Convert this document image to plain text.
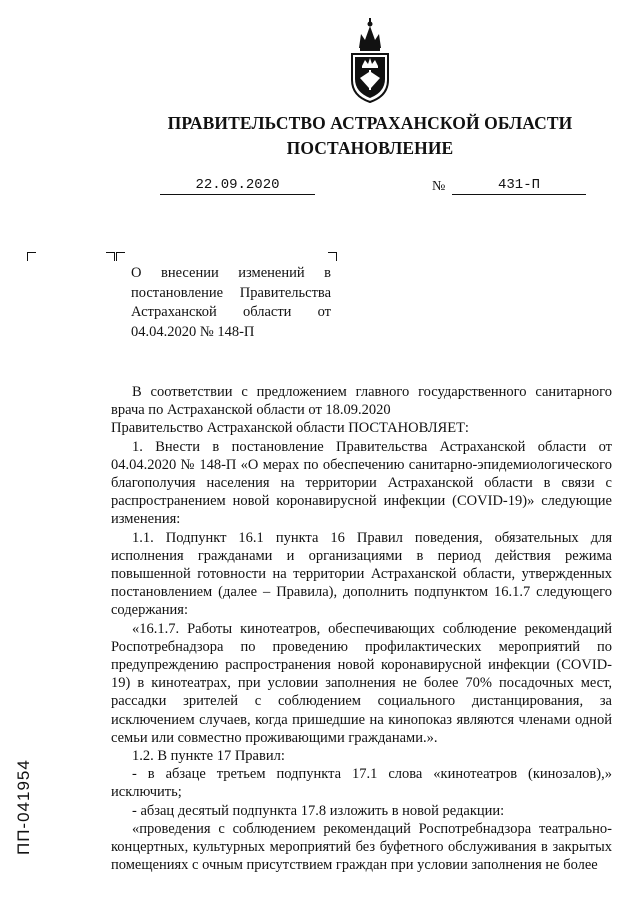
ПРАВИТЕЛЬСТВО АСТРАХАНСКОЙ ОБЛАСТИ
ПОСТАНОВЛЕНИЕ
22.09.2020	№	431-П
О внесении изменений в
постановление Правительства
Астраханской области от
04.04.2020 № 148-П

В соответствии с предложением главного государственного санитарного врача по Астраханской области от 18.09.2020

Правительство Астраханской области ПОСТАНОВЛЯЕТ:

1. Внести в постановление Правительства Астраханской области от 04.04.2020 № 148-П «О мерах по обеспечению санитарно-эпидемиологического благополучия населения на территории Астраханской области в связи с распространением новой коронавирусной инфекции (COVID-19)» следующие изменения:

1.1. Подпункт 16.1 пункта 16 Правил поведения, обязательных для исполнения гражданами и организациями в период действия режима повышенной готовности на территории Астраханской области, утвержденных постановлением (далее – Правила), дополнить подпунктом 16.1.7 следующего содержания:

«16.1.7. Работы кинотеатров, обеспечивающих соблюдение рекомендаций Роспотребнадзора по проведению профилактических мероприятий по предупреждению распространения новой коронавирусной инфекции (COVID-19) в кинотеатрах, при условии заполнения не более 70% посадочных мест, рассадки зрителей с соблюдением социального дистанцирования, за исключением случаев, когда пришедшие на кинопоказ являются членами одной семьи или совместно проживающими гражданами.».

1.2. В пункте 17 Правил:

- в абзаце третьем подпункта 17.1 слова «кинотеатров (кинозалов),» исключить;

- абзац десятый подпункта 17.8 изложить в новой редакции:

«проведения с соблюдением рекомендаций Роспотребнадзора театрально-концертных, культурных мероприятий без буфетного обслуживания в закрытых помещениях с очным присутствием граждан при условии заполнения не более

ПП-041954
